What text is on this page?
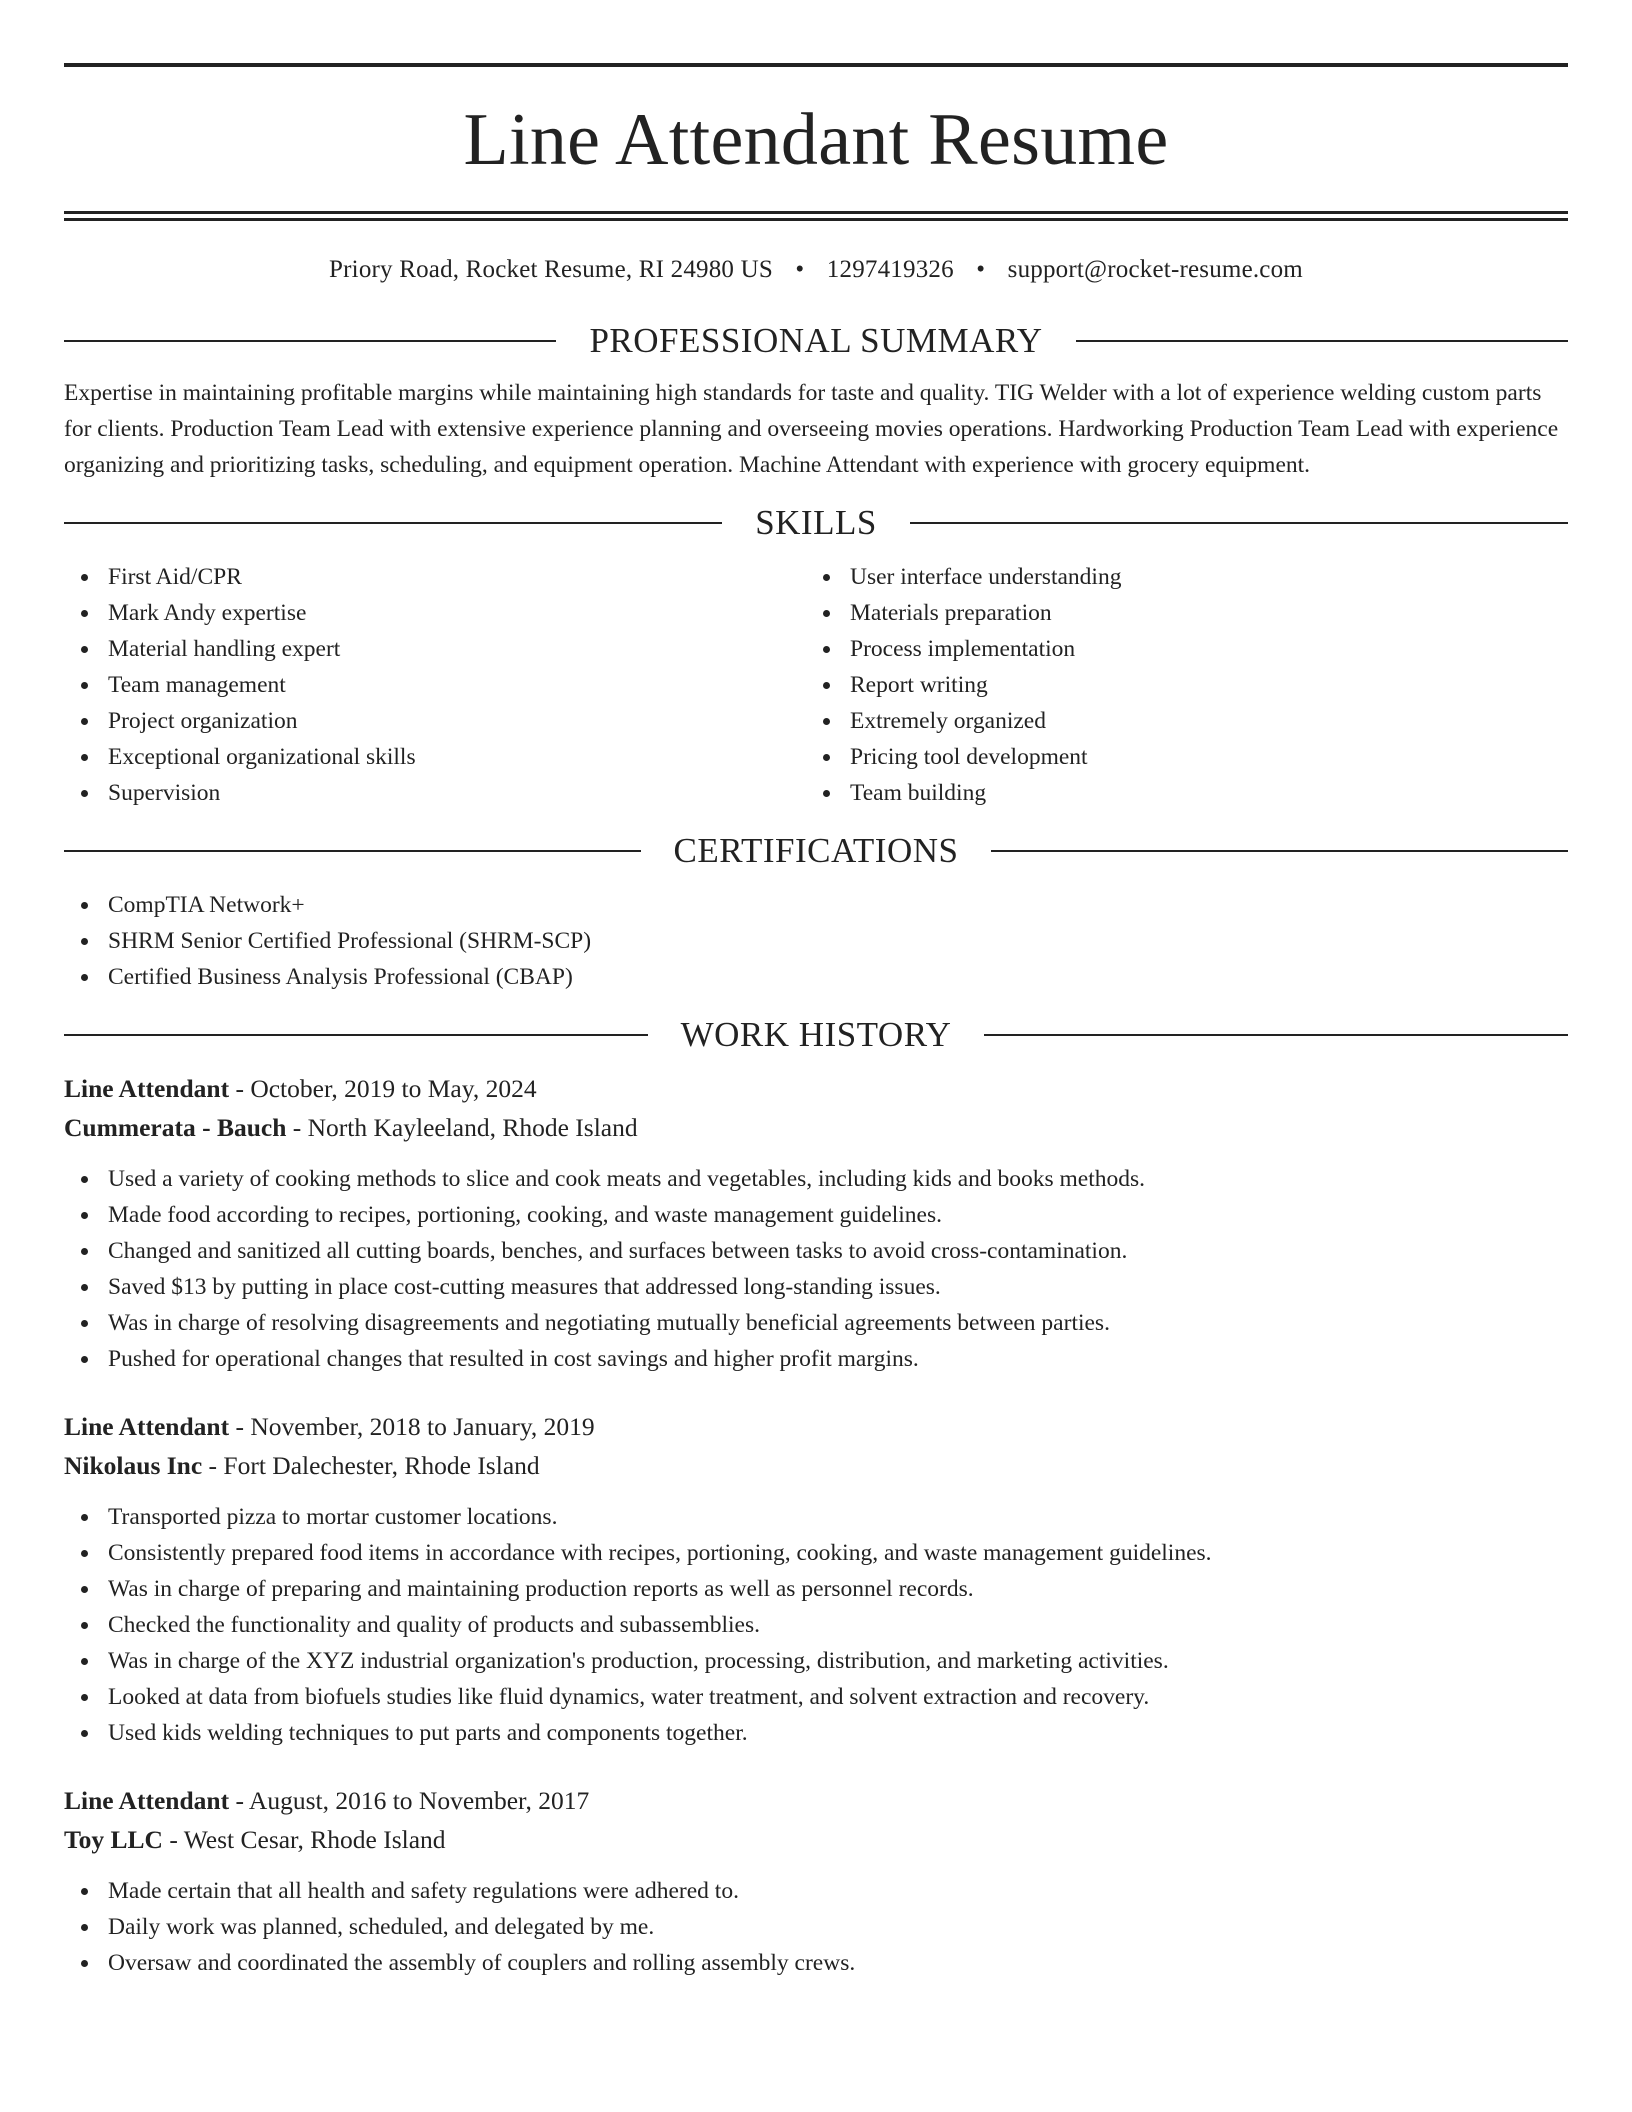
Line Attendant Resume
Priory Road, Rocket Resume, RI 24980 US • 1297419326 • support@rocket-resume.com
PROFESSIONAL SUMMARY

Expertise in maintaining profitable margins while maintaining high standards for taste and quality. TIG Welder with a lot of experience welding custom parts for clients. Production Team Lead with extensive experience planning and overseeing movies operations. Hardworking Production Team Lead with experience organizing and prioritizing tasks, scheduling, and equipment operation. Machine Attendant with experience with grocery equipment.

SKILLS
First Aid/CPR
Mark Andy expertise
Material handling expert
Team management
Project organization
Exceptional organizational skills
Supervision
User interface understanding
Materials preparation
Process implementation
Report writing
Extremely organized
Pricing tool development
Team building
CERTIFICATIONS
CompTIA Network+
SHRM Senior Certified Professional (SHRM-SCP)
Certified Business Analysis Professional (CBAP)
WORK HISTORY
Line Attendant - October, 2019 to May, 2024
Cummerata - Bauch - North Kayleeland, Rhode Island
Used a variety of cooking methods to slice and cook meats and vegetables, including kids and books methods.
Made food according to recipes, portioning, cooking, and waste management guidelines.
Changed and sanitized all cutting boards, benches, and surfaces between tasks to avoid cross-contamination.
Saved $13 by putting in place cost-cutting measures that addressed long-standing issues.
Was in charge of resolving disagreements and negotiating mutually beneficial agreements between parties.
Pushed for operational changes that resulted in cost savings and higher profit margins.
Line Attendant - November, 2018 to January, 2019
Nikolaus Inc - Fort Dalechester, Rhode Island
Transported pizza to mortar customer locations.
Consistently prepared food items in accordance with recipes, portioning, cooking, and waste management guidelines.
Was in charge of preparing and maintaining production reports as well as personnel records.
Checked the functionality and quality of products and subassemblies.
Was in charge of the XYZ industrial organization's production, processing, distribution, and marketing activities.
Looked at data from biofuels studies like fluid dynamics, water treatment, and solvent extraction and recovery.
Used kids welding techniques to put parts and components together.
Line Attendant - August, 2016 to November, 2017
Toy LLC - West Cesar, Rhode Island
Made certain that all health and safety regulations were adhered to.
Daily work was planned, scheduled, and delegated by me.
Oversaw and coordinated the assembly of couplers and rolling assembly crews.
